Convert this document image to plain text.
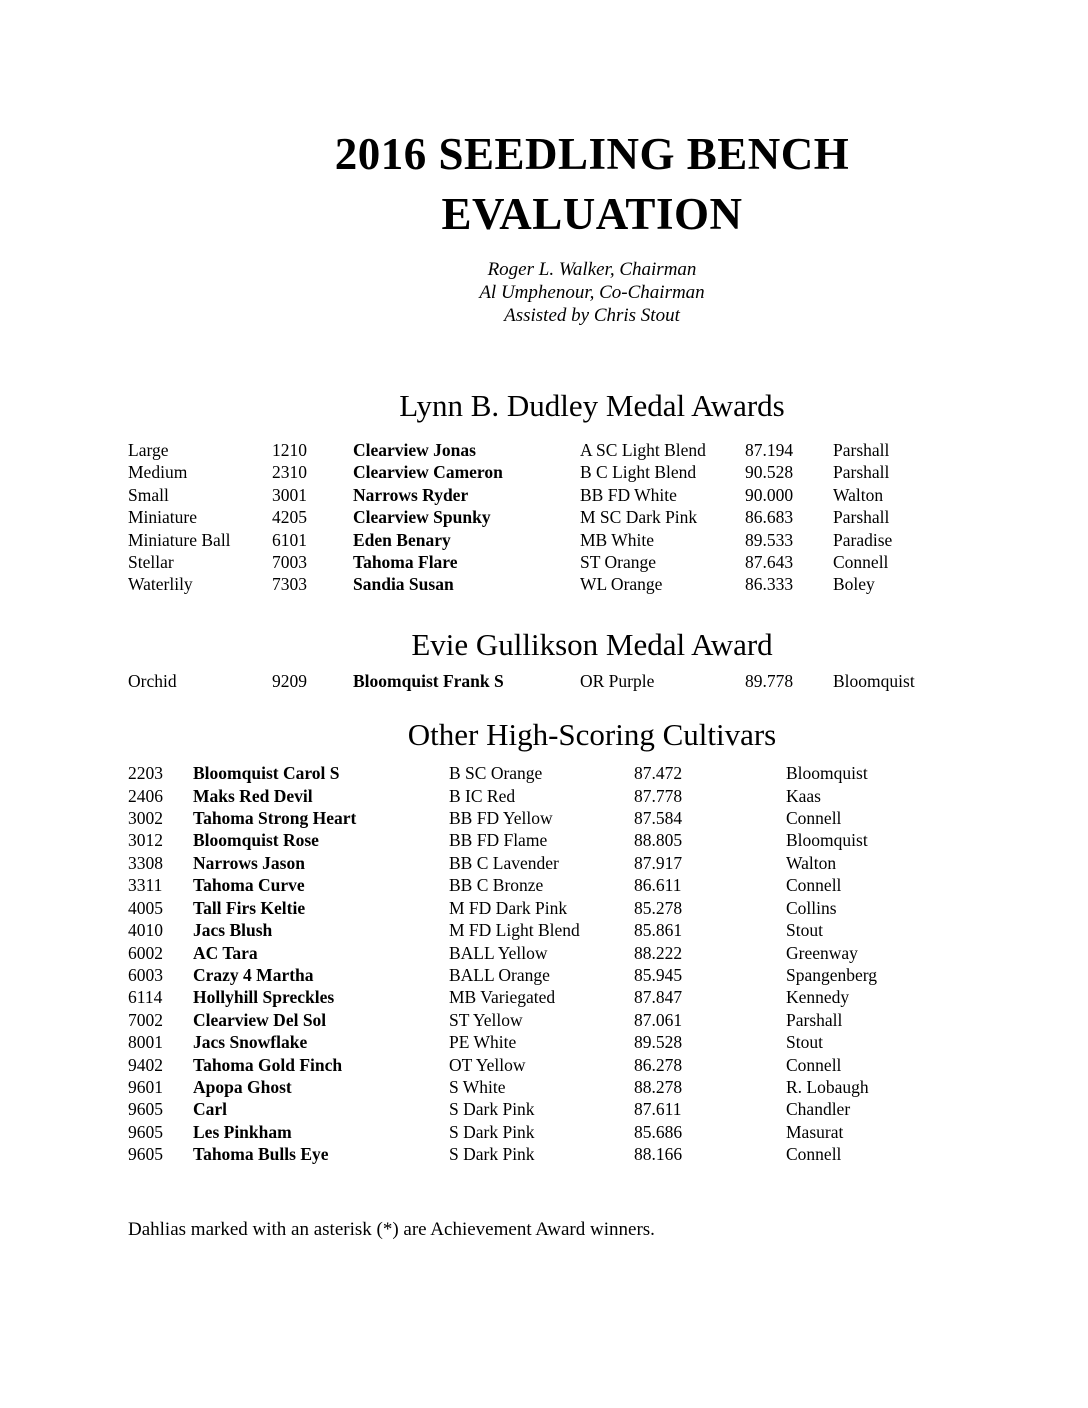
2016 SEEDLING BENCH EVALUATION
Roger L. Walker, Chairman
Al Umphenour, Co-Chairman
Assisted by Chris Stout
Lynn B. Dudley Medal Awards
Large	1210	Clearview Jonas	A SC Light Blend	87.194	Parshall
Medium	2310	Clearview Cameron	B C Light Blend	90.528	Parshall
Small	3001	Narrows Ryder	BB FD White	90.000	Walton
Miniature	4205	Clearview Spunky	M SC Dark Pink	86.683	Parshall
Miniature Ball	6101	Eden Benary	MB White	89.533	Paradise
Stellar	7003	Tahoma Flare	ST Orange	87.643	Connell
Waterlily	7303	Sandia Susan	WL Orange	86.333	Boley
Evie Gullikson Medal Award
Orchid	9209	Bloomquist Frank S	OR Purple	89.778	Bloomquist
Other High-Scoring Cultivars
2203	Bloomquist Carol S	B SC Orange	87.472	Bloomquist
2406	Maks Red Devil	B IC Red	87.778	Kaas
3002	Tahoma Strong Heart	BB FD Yellow	87.584	Connell
3012	Bloomquist Rose	BB FD Flame	88.805	Bloomquist
3308	Narrows Jason	BB C Lavender	87.917	Walton
3311	Tahoma Curve	BB C Bronze	86.611	Connell
4005	Tall Firs Keltie	M FD Dark Pink	85.278	Collins
4010	Jacs Blush	M FD Light Blend	85.861	Stout
6002	AC Tara	BALL Yellow	88.222	Greenway
6003	Crazy 4 Martha	BALL Orange	85.945	Spangenberg
6114	Hollyhill Spreckles	MB Variegated	87.847	Kennedy
7002	Clearview Del Sol	ST Yellow	87.061	Parshall
8001	Jacs Snowflake	PE White	89.528	Stout
9402	Tahoma Gold Finch	OT Yellow	86.278	Connell
9601	Apopa Ghost	S White	88.278	R. Lobaugh
9605	Carl	S Dark Pink	87.611	Chandler
9605	Les Pinkham	S Dark Pink	85.686	Masurat
9605	Tahoma Bulls Eye	S Dark Pink	88.166	Connell
Dahlias marked with an asterisk (*) are Achievement Award winners.
